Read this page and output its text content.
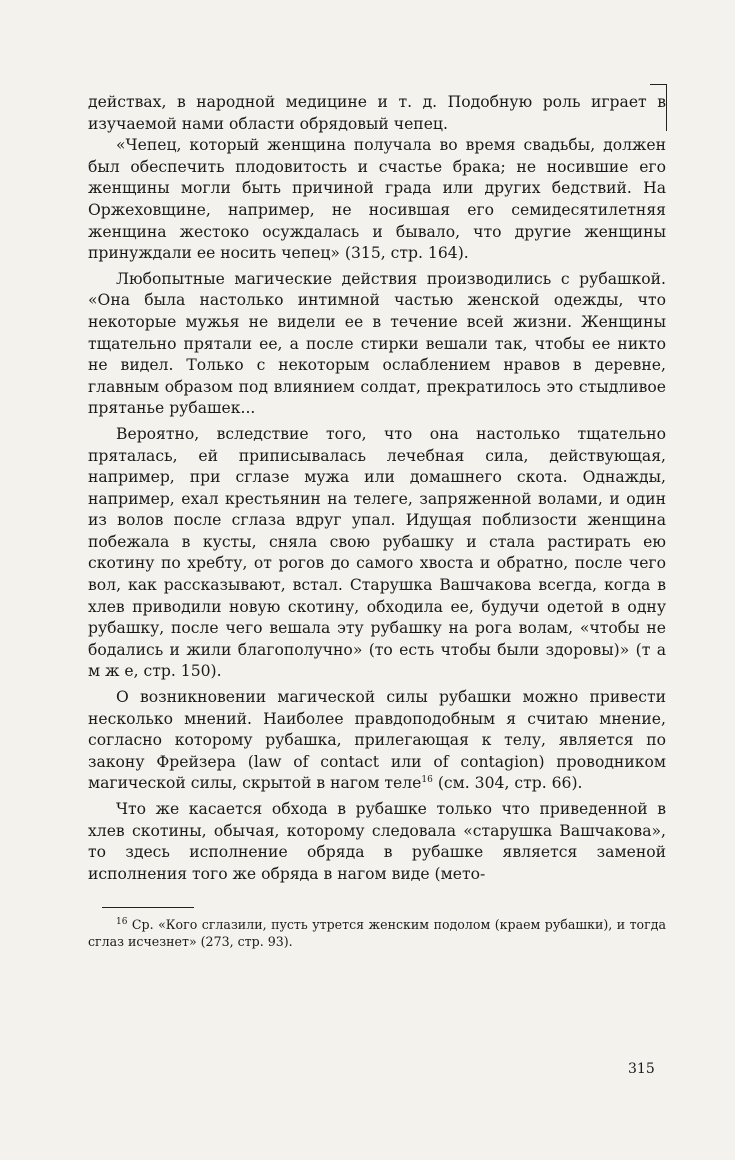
действах, в народной медицине и т. д. Подобную роль играет в изучаемой нами области обрядовый чепец.

«Чепец, который женщина получала во время свадьбы, должен был обеспечить плодовитость и счастье брака; не носившие его женщины могли быть причиной града или других бедствий. На Оржеховщине, например, не носившая его семидесятилетняя женщина жестоко осуждалась и бывало, что другие женщины принуждали ее носить чепец» (315, стр. 164).

Любопытные магические действия производились с рубашкой. «Она была настолько интимной частью женской одежды, что некоторые мужья не видели ее в течение всей жизни. Женщины тщательно прятали ее, а после стирки вешали так, чтобы ее никто не видел. Только с некоторым ослаблением нравов в деревне, главным образом под влиянием солдат, прекратилось это стыдливое прятанье рубашек...

Вероятно, вследствие того, что она настолько тщательно пряталась, ей приписывалась лечебная сила, действующая, например, при сглазе мужа или домашнего скота. Однажды, например, ехал крестьянин на телеге, запряженной волами, и один из волов после сглаза вдруг упал. Идущая поблизости женщина побежала в кусты, сняла свою рубашку и стала растирать ею скотину по хребту, от рогов до самого хвоста и обратно, после чего вол, как рассказывают, встал. Старушка Вашчакова всегда, когда в хлев приводили новую скотину, обходила ее, будучи одетой в одну рубашку, после чего вешала эту рубашку на рога волам, «чтобы не бодались и жили благополучно» (то есть чтобы были здоровы)» (т а м ж е, стр. 150).

О возникновении магической силы рубашки можно привести несколько мнений. Наиболее правдоподобным я считаю мнение, согласно которому рубашка, прилегающая к телу, является по закону Фрейзера (law of contact или of contagion) проводником магической силы, скрытой в нагом теле$^{16}$ (см. 304, стр. 66).

Что же касается обхода в рубашке только что приведенной в хлев скотины, обычая, которому следовала «старушка Вашчакова», то здесь исполнение обряда в рубашке является заменой исполнения того же обряда в нагом виде (мето-

$^{16}$ Ср. «Кого сглазили, пусть утрется женским подолом (краем рубашки), и тогда сглаз исчезнет» (273, стр. 93).

315
